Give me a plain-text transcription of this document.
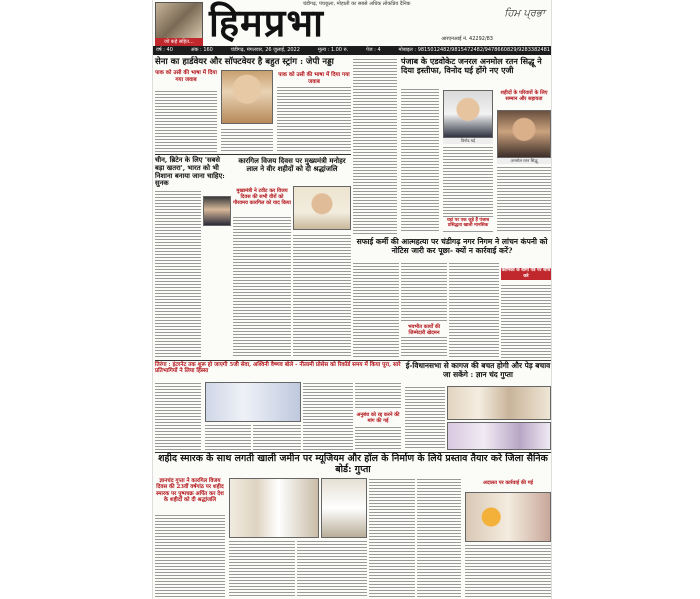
जो कहे सहित...
चंडीगढ़, पंचकूला, मोहाली का सबसे अधिक लोकप्रिय दैनिक
हिमप्रभा	ਹਿਮ ਪ੍ਰਭਾ
आरएनआई नं. 42292/83
वर्ष : 40	अंक : 160	चंडीगढ़, मंगलवार, 26 जुलाई, 2022	मूल्य : 1.00 रु.	पेज : 4	मोबाइल : 9815012482/9815472482/9478660829/9283382481
सेना का हार्डवेयर और सॉफ्टवेयर है बहुत स्ट्रांग : जेपी नड्डा
पाक को उसी की भाषा में दिया गया जवाब
पाक को उसी की भाषा में दिया गया जवाब
चीन, ब्रिटेन के लिए 'सबसे बड़ा खतरा', भारत को भी निशाना बनाया जाना चाहिए: सुनक
कारगिल विजय दिवस पर मुख्यमंत्री मनोहर लाल ने वीर शहीदों को दी श्रद्धांजलि
मुख्यमंत्री ने टवीट कर विजय दिवस की सभी वीरों को गौरवमय कारगिल को याद किया
पंजाब के एडवोकेट जनरल अनमोल रतन सिद्धू ने दिया इस्तीफा, विनोद घई होंगे नए एजी
विनोद घई
शहीदों के परिवारों के लिए सम्मान और सहायता
अनमोल रतन सिद्धू
यहां पर एक जुड़े हैं पंजाब प्रसिद्धता खाली मानसिक
सफाई कर्मी की आत्महत्या पर चंडीगढ़ नगर निगम ने लांचन कंपनी को नोटिस जारी कर पूछा- क्यों न कार्रवाई करें?
भयभीत कार्यों की जिम्मेदारी खेदमन
कार्मिकों के बीमा पत्र पर जांच करे
तिरंगा : इंटरनेट तक शुरू हो जाएगी 5जी सेवा, अश्विनी वैष्णव बोले - नीलामी प्रोसेस को रिकॉर्ड समय में किया पूरा, सारे प्रतिभागियों ने लिया हिस्सा
अनुबंध को रद्द करने की मांग की गई
ई-विधानसभा से कागज की बचत होगी और पेड़ बचाव जा सकेंगे : ज्ञान चंद गुप्ता
शहीद स्मारक के साथ लगती खाली जमीन पर म्यूजियम और हॉल के निर्माण के लिये प्रस्ताव तैयार करे जिला सैनिक बोर्ड: गुप्ता
ज्ञानचंद गुप्ता ने कारगिल विजय दिवस की 23वीं वर्षगांठ पर शहीद स्मारक पर पुष्पचक्र अर्पित कर देश के शहीदों को दी श्रद्धांजलि
अदालत पर कार्रवाई की गई
